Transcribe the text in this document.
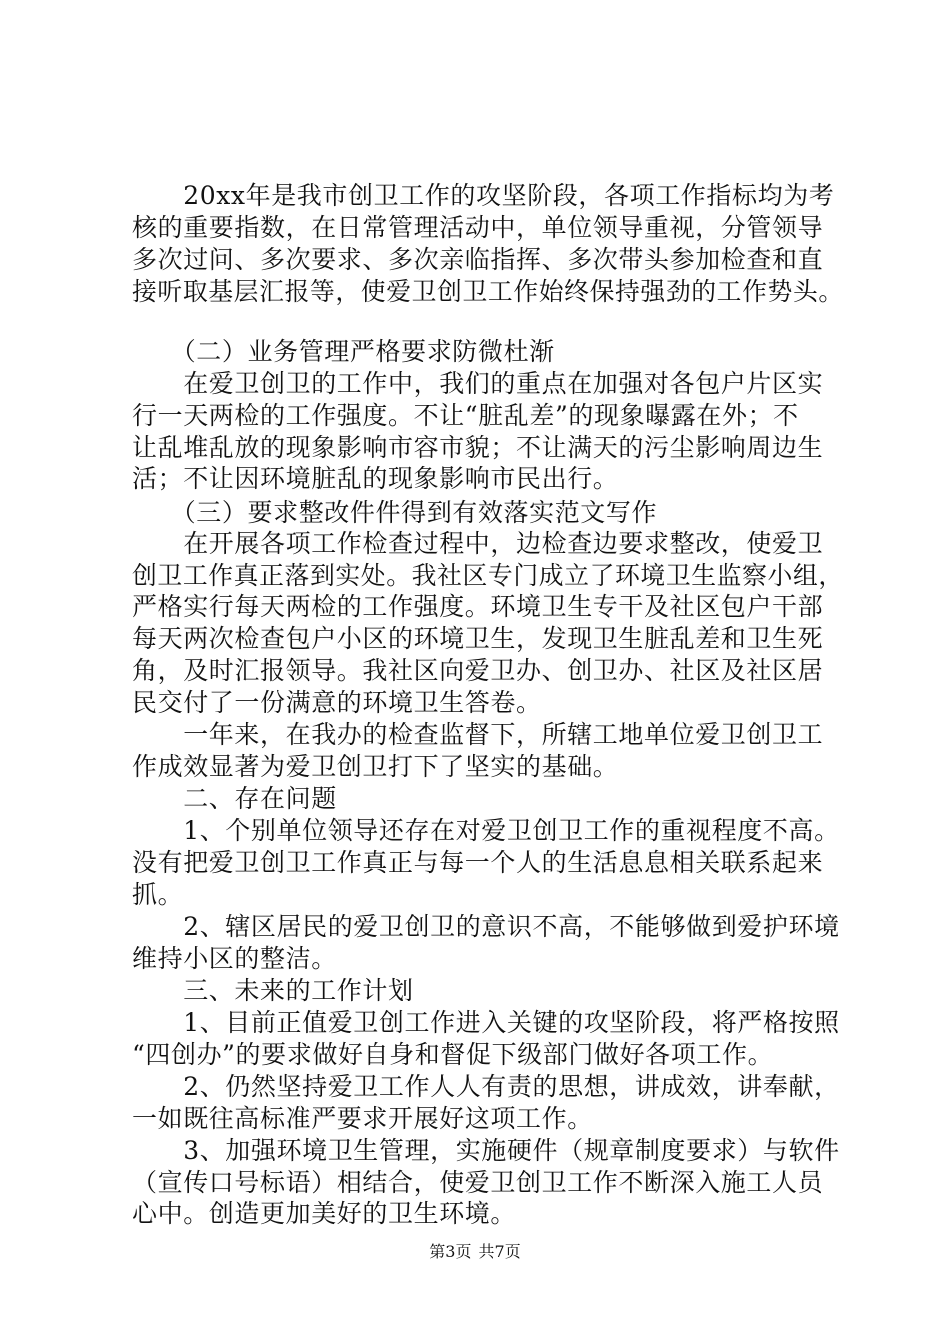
　　20xx年是我市创卫工作的攻坚阶段，各项工作指标均为考
核的重要指数，在日常管理活动中，单位领导重视，分管领导
多次过问、多次要求、多次亲临指挥、多次带头参加检查和直
接听取基层汇报等，使爱卫创卫工作始终保持强劲的工作势头。
　　（二）业务管理严格要求防微杜渐
　　在爱卫创卫的工作中，我们的重点在加强对各包户片区实
行一天两检的工作强度。不让“脏乱差”的现象曝露在外；不
让乱堆乱放的现象影响市容市貌；不让满天的污尘影响周边生
活；不让因环境脏乱的现象影响市民出行。
　　（三）要求整改件件得到有效落实范文写作
　　在开展各项工作检查过程中，边检查边要求整改，使爱卫
创卫工作真正落到实处。我社区专门成立了环境卫生监察小组，
严格实行每天两检的工作强度。环境卫生专干及社区包户干部
每天两次检查包户小区的环境卫生，发现卫生脏乱差和卫生死
角，及时汇报领导。我社区向爱卫办、创卫办、社区及社区居
民交付了一份满意的环境卫生答卷。
　　一年来，在我办的检查监督下，所辖工地单位爱卫创卫工
作成效显著为爱卫创卫打下了坚实的基础。
　　二、存在问题
　　1、个别单位领导还存在对爱卫创卫工作的重视程度不高。
没有把爱卫创卫工作真正与每一个人的生活息息相关联系起来
抓。
　　2、辖区居民的爱卫创卫的意识不高，不能够做到爱护环境
维持小区的整洁。
　　三、未来的工作计划
　　1、目前正值爱卫创工作进入关键的攻坚阶段，将严格按照
“四创办”的要求做好自身和督促下级部门做好各项工作。
　　2、仍然坚持爱卫工作人人有责的思想，讲成效，讲奉献，
一如既往高标准严要求开展好这项工作。
　　3、加强环境卫生管理，实施硬件（规章制度要求）与软件
（宣传口号标语）相结合，使爱卫创卫工作不断深入施工人员
心中。创造更加美好的卫生环境。
第3页 共7页
